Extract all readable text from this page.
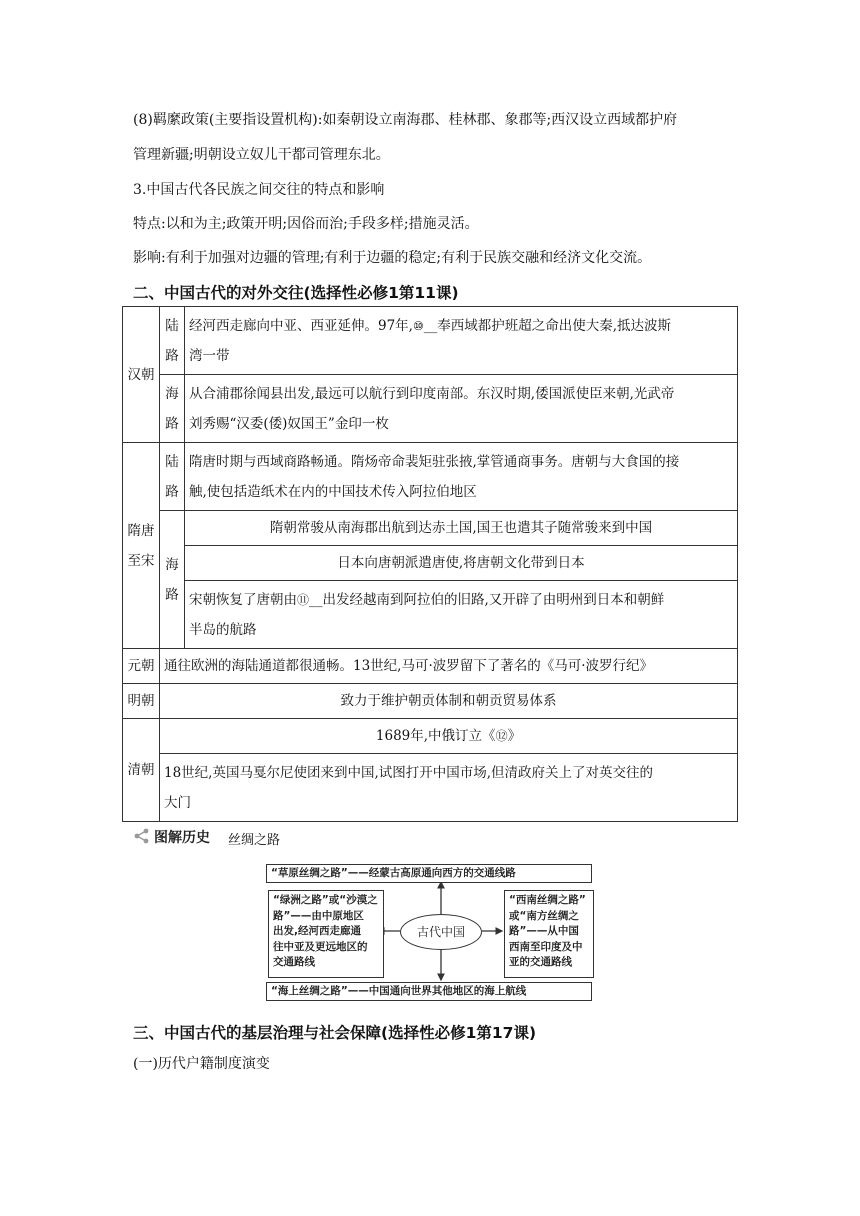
(8)羁縻政策(主要指设置机构):如秦朝设立南海郡、桂林郡、象郡等;西汉设立西域都护府
管理新疆;明朝设立奴儿干都司管理东北。
3.中国古代各民族之间交往的特点和影响
特点:以和为主;政策开明;因俗而治;手段多样;措施灵活。
影响:有利于加强对边疆的管理;有利于边疆的稳定;有利于民族交融和经济文化交流。
二、中国古代的对外交往(选择性必修1第11课)
汉朝	陆路	经河西走廊向中亚、西亚延伸。97年,⑩__奉西域都护班超之命出使大秦,抵达波斯
湾一带

	海路	从合浦郡徐闻县出发,最远可以航行到印度南部。东汉时期,倭国派使臣来朝,光武帝
刘秀赐“汉委(倭)奴国王”金印一枚

隋唐至宋	陆路	隋唐时期与西域商路畅通。隋炀帝命裴矩驻张掖,掌管通商事务。唐朝与大食国的接
触,使包括造纸术在内的中国技术传入阿拉伯地区

	海路	隋朝常骏从南海郡出航到达赤土国,国王也遣其子随常骏来到中国
		日本向唐朝派遣唐使,将唐朝文化带到日本

		宋朝恢复了唐朝由⑪__出发经越南到阿拉伯的旧路,又开辟了由明州到日本和朝鲜
半岛的航路

元朝	通往欧洲的海陆通道都很通畅。13世纪,马可·波罗留下了著名的《马可·波罗行纪》	
明朝	致力于维护朝贡体制和朝贡贸易体系	
清朝	1689年,中俄订立《⑫》	

	18世纪,英国马戛尔尼使团来到中国,试图打开中国市场,但清政府关上了对英交往的
大门	
图解历史 丝绸之路
“草原丝绸之路”——经蒙古高原通向西方的交通线路
“绿洲之路”或“沙漠之
路”——由中原地区
出发,经河西走廊通
往中亚及更远地区的
交通路线
古代中国
“西南丝绸之路”
或“南方丝绸之
路”——从中国
西南至印度及中
亚的交通路线
“海上丝绸之路”——中国通向世界其他地区的海上航线
三、中国古代的基层治理与社会保障(选择性必修1第17课)
(一)历代户籍制度演变
